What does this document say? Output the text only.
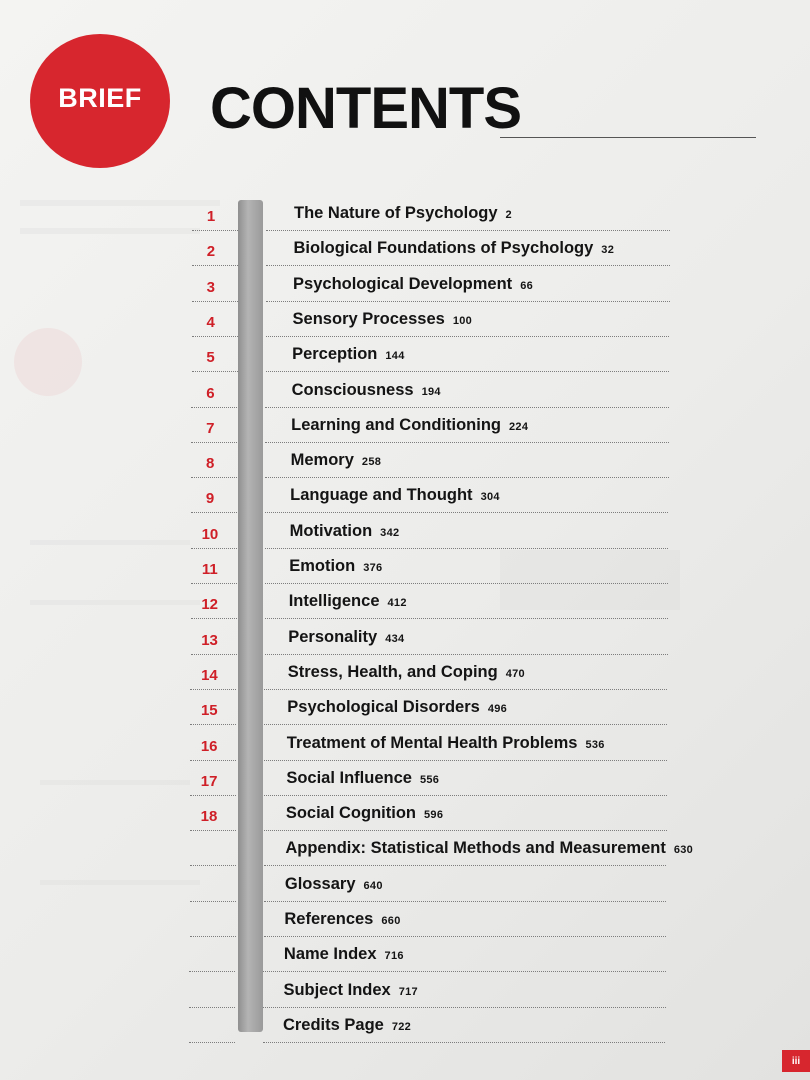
BRIEF CONTENTS
1	The Nature of Psychology 2
2	Biological Foundations of Psychology 32
3	Psychological Development 66
4	Sensory Processes 100
5	Perception 144
6	Consciousness 194
7	Learning and Conditioning 224
8	Memory 258
9	Language and Thought 304
10	Motivation 342
11	Emotion 376
12	Intelligence 412
13	Personality 434
14	Stress, Health, and Coping 470
15	Psychological Disorders 496
16	Treatment of Mental Health Problems 536
17	Social Influence 556
18	Social Cognition 596
Appendix: Statistical Methods and Measurement 630
Glossary 640
References 660
Name Index 716
Subject Index 717
Credits Page 722
iii
